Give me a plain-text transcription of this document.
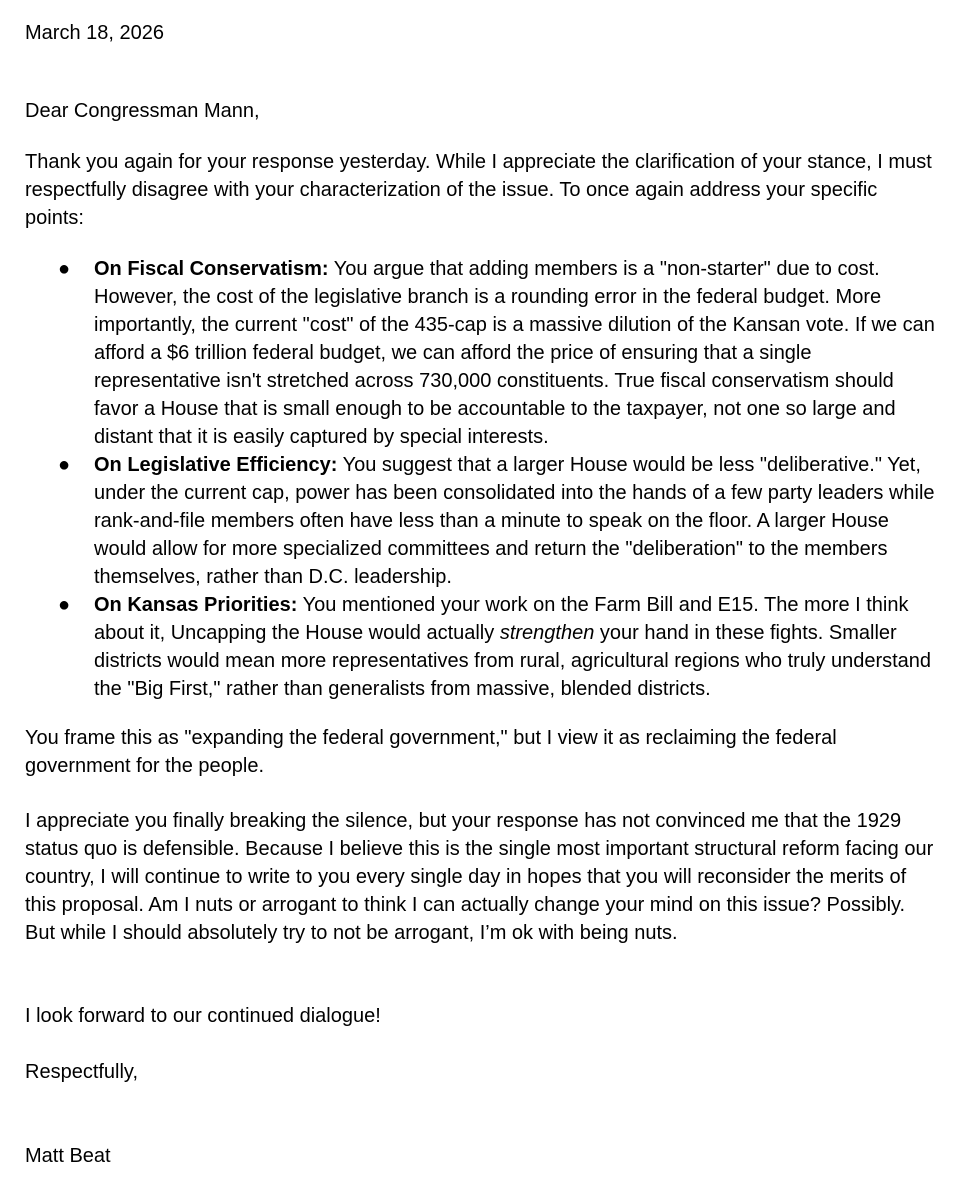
March 18, 2026

Dear Congressman Mann,

Thank you again for your response yesterday. While I appreciate the clarification of your stance, I must respectfully disagree with your characterization of the issue. To once again address your specific points:

● On Fiscal Conservatism: You argue that adding members is a "non-starter" due to cost. However, the cost of the legislative branch is a rounding error in the federal budget. More importantly, the current "cost" of the 435-cap is a massive dilution of the Kansan vote. If we can afford a $6 trillion federal budget, we can afford the price of ensuring that a single representative isn't stretched across 730,000 constituents. True fiscal conservatism should favor a House that is small enough to be accountable to the taxpayer, not one so large and distant that it is easily captured by special interests.
● On Legislative Efficiency: You suggest that a larger House would be less "deliberative." Yet, under the current cap, power has been consolidated into the hands of a few party leaders while rank-and-file members often have less than a minute to speak on the floor. A larger House would allow for more specialized committees and return the "deliberation" to the members themselves, rather than D.C. leadership.
● On Kansas Priorities: You mentioned your work on the Farm Bill and E15. The more I think about it, Uncapping the House would actually strengthen your hand in these fights. Smaller districts would mean more representatives from rural, agricultural regions who truly understand the "Big First," rather than generalists from massive, blended districts.

You frame this as "expanding the federal government," but I view it as reclaiming the federal government for the people.

I appreciate you finally breaking the silence, but your response has not convinced me that the 1929 status quo is defensible. Because I believe this is the single most important structural reform facing our country, I will continue to write to you every single day in hopes that you will reconsider the merits of this proposal. Am I nuts or arrogant to think I can actually change your mind on this issue? Possibly. But while I should absolutely try to not be arrogant, I’m ok with being nuts.

I look forward to our continued dialogue!

Respectfully,

Matt Beat
